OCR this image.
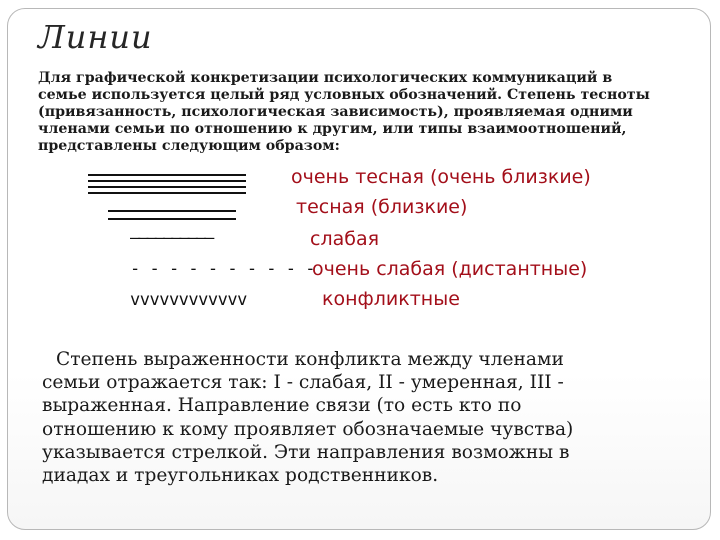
Линии

Для графической конкретизации психологических коммуникаций в
семье используется целый ряд условных обозначений. Степень тесноты
(привязанность, психологическая зависимость), проявляемая одними
членами семьи по отношению к другим, или типы взаимоотношений,
представлены следующим образом:

очень тесная (очень близкие)
тесная (близкие)
––––––––––	слабая
- - - - - - - - - -
очень слабая (дистантные)
vvvvvvvvvvvv	конфликтные

Степень выраженности конфликта между членами
семьи отражается так: I - слабая, II - умеренная, III -
выраженная. Направление связи (то есть кто по
отношению к кому проявляет обозначаемые чувства)
указывается стрелкой. Эти направления возможны в
диадах и треугольниках родственников.
